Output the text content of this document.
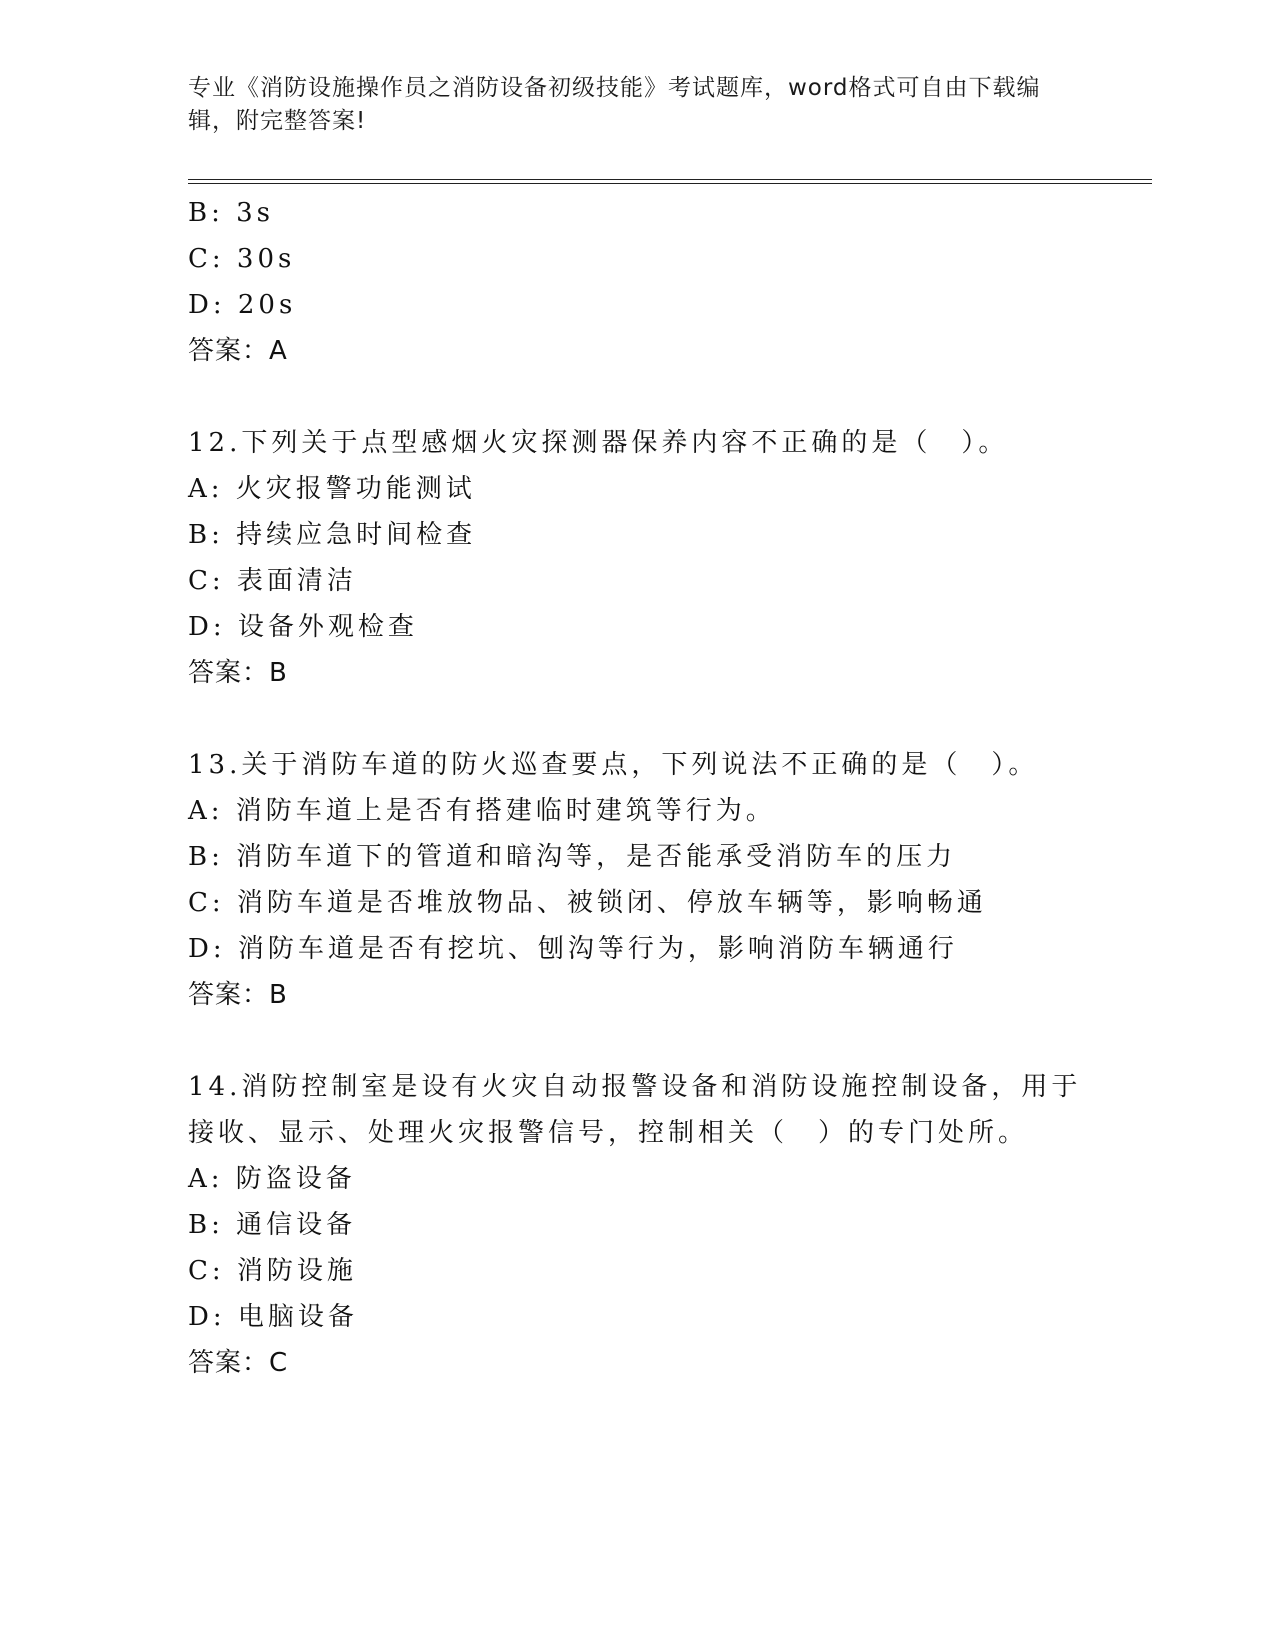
专业《消防设施操作员之消防设备初级技能》考试题库，word格式可自由下载编辑，附完整答案!
B: 3s
C: 30s
D: 20s
答案：A
12.下列关于点型感烟火灾探测器保养内容不正确的是（　）。
A: 火灾报警功能测试
B: 持续应急时间检查
C: 表面清洁
D: 设备外观检查
答案：B
13.关于消防车道的防火巡查要点，下列说法不正确的是（　）。
A: 消防车道上是否有搭建临时建筑等行为。
B: 消防车道下的管道和暗沟等，是否能承受消防车的压力
C: 消防车道是否堆放物品、被锁闭、停放车辆等，影响畅通
D: 消防车道是否有挖坑、刨沟等行为，影响消防车辆通行
答案：B
14.消防控制室是设有火灾自动报警设备和消防设施控制设备，用于接收、显示、处理火灾报警信号，控制相关（　）的专门处所。
A: 防盗设备
B: 通信设备
C: 消防设施
D: 电脑设备
答案：C
